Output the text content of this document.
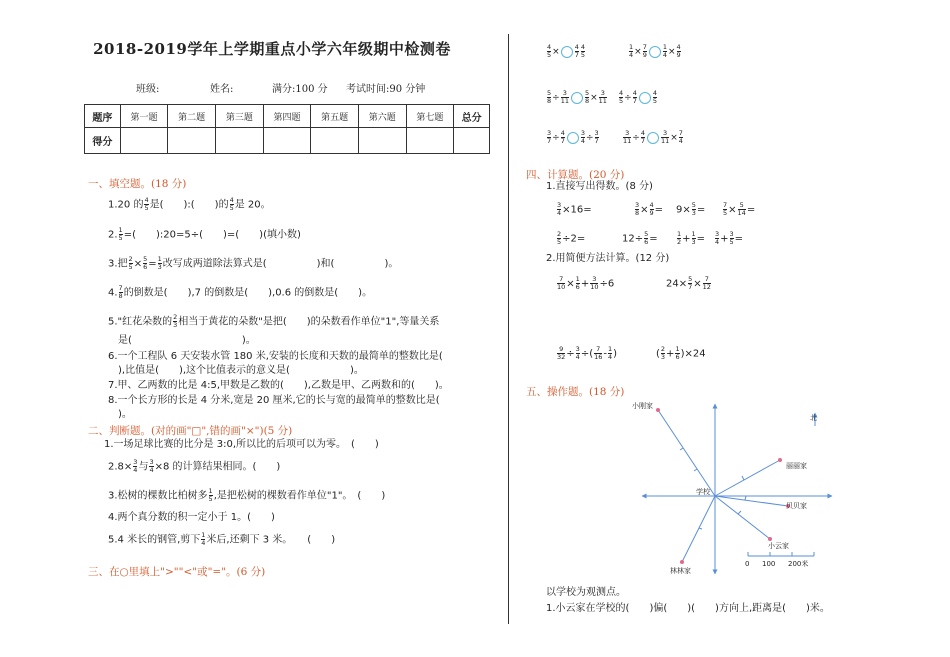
2018-2019学年上学期重点小学六年级期中检测卷
班级:	姓名:	满分:100 分 考试时间:90 分钟
题序	第一题	第二题	第三题	第四题	第五题	第六题	第七题	总分
得分								
一、填空题。(18 分)
1.20 的 $\frac{4}{5}$ 是(　　):(　　)的 $\frac{4}{5}$ 是 20。
2. $\frac{1}{5}$ =(　　):20=5÷(　　)=(　　)(填小数)
3.把 $\frac{2}{5} \times \frac{5}{6} = \frac{1}{3}$ 改写成两道除法算式是(　　　　　)和(　　　　　)。
4. $\frac{7}{8}$ 的倒数是(　　),7 的倒数是(　　),0.6 的倒数是(　　)。
5."红花朵数的 $\frac{2}{3}$ 相当于黄花的朵数"是把(　　)的朵数看作单位"1",等量关系
是(　　　　　　　　　　　)。
6.一个工程队 6 天安装水管 180 米,安装的长度和天数的最简单的整数比是(
),比值是(　　),这个比值表示的意义是(　　　　　　)。
7.甲、乙两数的比是 4:5,甲数是乙数的(　　),乙数是甲、乙两数和的(　　)。
8.一个长方形的长是 4 分米,宽是 20 厘米,它的长与宽的最简单的整数比是(
)。
二、判断题。(对的画"□",错的画"×")(5 分)
1.一场足球比赛的比分是 3:0,所以比的后项可以为零。　(　　)
$2.8\times \frac{3}{4}$ 与 $\frac{3}{4} \times 8$ 的计算结果相同。(　　)
3.松树的棵数比柏树多 $\frac{1}{5}$ ,是把松树的棵数看作单位"1"。　(　　)
4.两个真分数的积一定小于 1。(　　)
5.4 米长的钢管,剪下 $\frac{1}{4}$ 米后,还剩下 3 米。　　(　　)
三、在○里填上">""<"或"="。(6 分)
$\frac{4}{5} \times \frac{4}{7} \frac{4}{5}$	$\frac{1}{4} \times \frac{7}{9} \frac{1}{4} \times \frac{4}{9}$
$\frac{5}{8} \div \frac{3}{11} \frac{5}{8} \times \frac{3}{11} \frac{4}{5} \div \frac{4}{7} \frac{4}{5}$
$\frac{3}{7} \div \frac{4}{7} \frac{3}{4} \div \frac{3}{7}$	$\frac{3}{11} \div \frac{4}{7} \frac{3}{11} \times \frac{7}{4}$
四、计算题。(20 分)
1.直接写出得数。(8 分)
$\frac{3}{4} \times 16=$	$\frac{3}{8} \times \frac{4}{9} = 9\times \frac{5}{3}$ =	$\frac{7}{5} \times \frac{5}{14}$ =
$\frac{2}{5} \div 2=$	$12\div \frac{5}{6}$ =	$\frac{1}{2} + \frac{1}{3} = \frac{3}{4} + \frac{3}{5}$ =
2.用简便方法计算。(12 分)
$\frac{7}{10} \times \frac{1}{6} + \frac{3}{10} \div 6$	$24\times \frac{5}{7} \times \frac{7}{12}$
$\frac{9}{32} \div \frac{3}{4}$ ÷( $\frac{7}{16} - \frac{1}{4}$ )	( $\frac{2}{3} + \frac{1}{6} )\times 24$
五、操作题。(18 分)
小刚家
学校
丽丽家
贝贝家
小云家
林林家
北
0 100 200米
以学校为观测点。
1.小云家在学校的(　　)偏(　　)(　　)方向上,距离是(　　)米。
